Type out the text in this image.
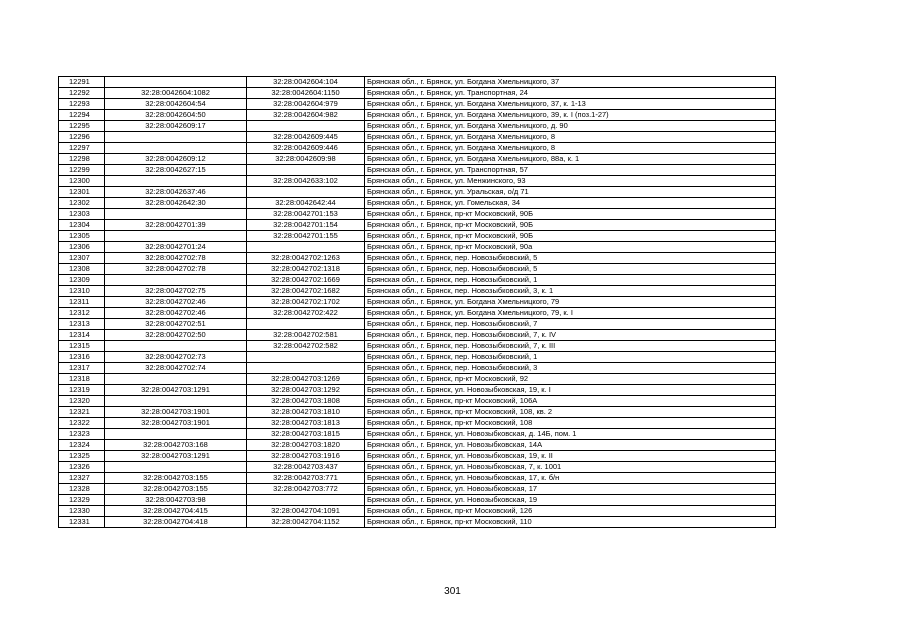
12291		32:28:0042604:104	Брянская обл., г. Брянск, ул. Богдана Хмельницкого, 37
12292	32:28:0042604:1082	32:28:0042604:1150	Брянская обл., г. Брянск, ул. Транспортная, 24
12293	32:28:0042604:54	32:28:0042604:979	Брянская обл., г. Брянск, ул. Богдана Хмельницкого, 37, к. 1-13
12294	32:28:0042604:50	32:28:0042604:982	Брянская обл., г. Брянск, ул. Богдана Хмельницкого, 39, к. I (поз.1-27)
12295	32:28:0042609:17		Брянская обл., г. Брянск, ул. Богдана Хмельницкого, д. 90
12296		32:28:0042609:445	Брянская обл., г. Брянск, ул. Богдана Хмельницкого, 8
12297		32:28:0042609:446	Брянская обл., г. Брянск, ул. Богдана Хмельницкого, 8
12298	32:28:0042609:12	32:28:0042609:98	Брянская обл., г. Брянск, ул. Богдана Хмельницкого, 88а, к. 1
12299	32:28:0042627:15		Брянская обл., г. Брянск, ул. Транспортная, 57
12300		32:28:0042633:102	Брянская обл., г. Брянск, ул. Менжинского, 93
12301	32:28:0042637:46		Брянская обл., г. Брянск, ул. Уральская, о/д 71
12302	32:28:0042642:30	32:28:0042642:44	Брянская обл., г. Брянск, ул. Гомельская, 34
12303		32:28:0042701:153	Брянская обл., г. Брянск, пр-кт Московский, 90Б
12304	32:28:0042701:39	32:28:0042701:154	Брянская обл., г. Брянск, пр-кт Московский, 90Б
12305		32:28:0042701:155	Брянская обл., г. Брянск, пр-кт Московский, 90Б
12306	32:28:0042701:24		Брянская обл., г. Брянск, пр-кт Московский, 90а
12307	32:28:0042702:78	32:28:0042702:1263	Брянская обл., г. Брянск, пер. Новозыбковский, 5
12308	32:28:0042702:78	32:28:0042702:1318	Брянская обл., г. Брянск, пер. Новозыбковский, 5
12309		32:28:0042702:1669	Брянская обл., г. Брянск, пер. Новозыбковский, 1
12310	32:28:0042702:75	32:28:0042702:1682	Брянская обл., г. Брянск, пер. Новозыбковский, 3, к. 1
12311	32:28:0042702:46	32:28:0042702:1702	Брянская обл., г. Брянск, ул. Богдана Хмельницкого, 79
12312	32:28:0042702:46	32:28:0042702:422	Брянская обл., г. Брянск, ул. Богдана Хмельницкого, 79, к. I
12313	32:28:0042702:51		Брянская обл., г. Брянск, пер. Новозыбковский, 7
12314	32:28:0042702:50	32:28:0042702:581	Брянская обл., г. Брянск, пер. Новозыбковский, 7, к. IV
12315		32:28:0042702:582	Брянская обл., г. Брянск, пер. Новозыбковский, 7, к. III
12316	32:28:0042702:73		Брянская обл., г. Брянск, пер. Новозыбковский, 1
12317	32:28:0042702:74		Брянская обл., г. Брянск, пер. Новозыбковский, 3
12318		32:28:0042703:1269	Брянская обл., г. Брянск, пр-кт Московский, 92
12319	32:28:0042703:1291	32:28:0042703:1292	Брянская обл., г. Брянск, ул. Новозыбковская, 19, к. I
12320		32:28:0042703:1808	Брянская обл., г. Брянск, пр-кт Московский, 106А
12321	32:28:0042703:1901	32:28:0042703:1810	Брянская обл., г. Брянск, пр-кт Московский, 108, кв. 2
12322	32:28:0042703:1901	32:28:0042703:1813	Брянская обл., г. Брянск, пр-кт Московский, 108
12323		32:28:0042703:1815	Брянская обл., г. Брянск, ул. Новозыбковская, д. 14Б, пом. 1
12324	32:28:0042703:168	32:28:0042703:1820	Брянская обл., г. Брянск, ул. Новозыбковская, 14А
12325	32:28:0042703:1291	32:28:0042703:1916	Брянская обл., г. Брянск, ул. Новозыбковская, 19, к. II
12326		32:28:0042703:437	Брянская обл., г. Брянск, ул. Новозыбковская, 7, к. 1001
12327	32:28:0042703:155	32:28:0042703:771	Брянская обл., г. Брянск, ул. Новозыбковская, 17, к. б/н
12328	32:28:0042703:155	32:28:0042703:772	Брянская обл., г. Брянск, ул. Новозыбковская, 17
12329	32:28:0042703:98		Брянская обл., г. Брянск, ул. Новозыбковская, 19
12330	32:28:0042704:415	32:28:0042704:1091	Брянская обл., г. Брянск, пр-кт Московский, 126
12331	32:28:0042704:418	32:28:0042704:1152	Брянская обл., г. Брянск, пр-кт Московский, 110
301
